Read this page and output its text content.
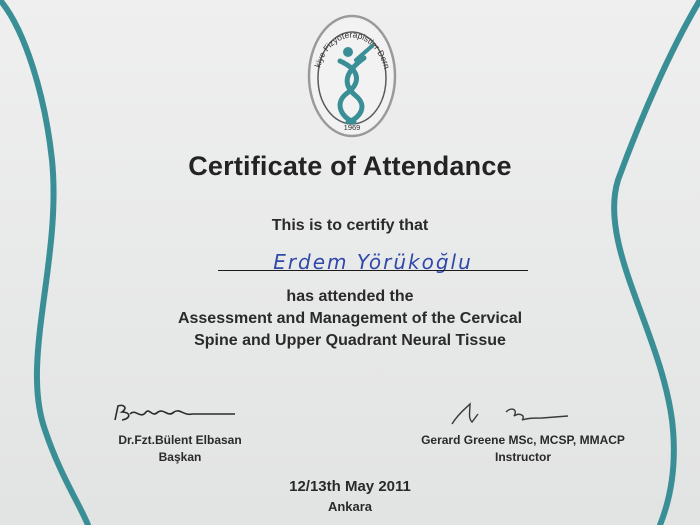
kiye Fizyoterapistler Dern
1969
Certificate of Attendance
This is to certify that
Erdem Yörükoğlu
has attended the
Assessment and Management of the Cervical
Spine and Upper Quadrant Neural Tissue
Dr.Fzt.Bülent Elbasan
Başkan
Gerard Greene MSc, MCSP, MMACP
Instructor
12/13th May 2011
Ankara
